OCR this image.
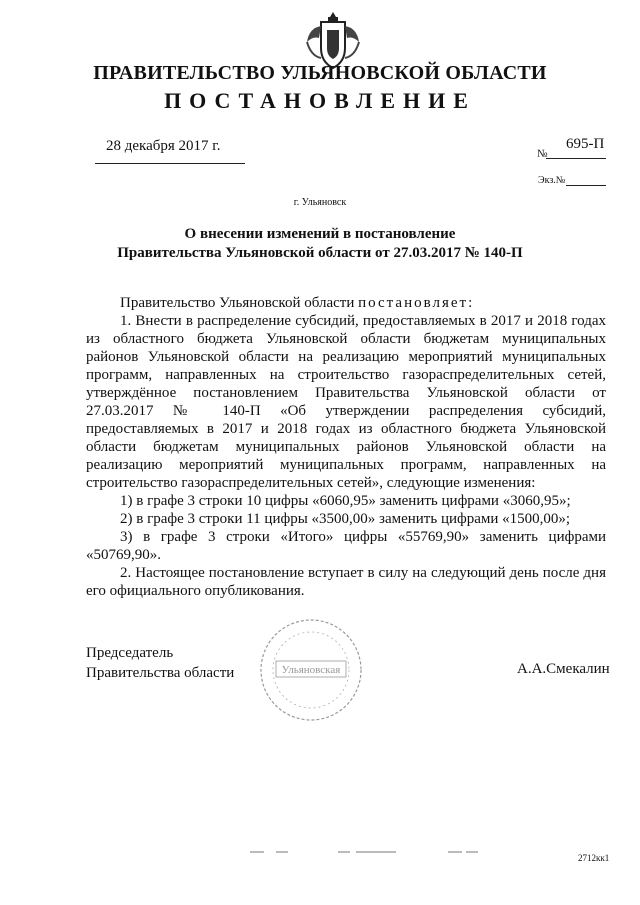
ПРАВИТЕЛЬСТВО УЛЬЯНОВСКОЙ ОБЛАСТИ
ПОСТАНОВЛЕНИЕ
28 декабря 2017 г.	№
695-П
Экз.№
г. Ульяновск
О внесении изменений в постановление
Правительства Ульяновской области от 27.03.2017 № 140-П

Правительство Ульяновской области постановляет:

1. Внести в распределение субсидий, предоставляемых в 2017 и 2018 годах из областного бюджета Ульяновской области бюджетам муниципальных районов Ульяновской области на реализацию мероприятий муниципальных программ, направленных на строительство газораспределительных сетей, утверждённое постановлением Правительства Ульяновской области от 27.03.2017 № 140-П «Об утверждении распределения субсидий, предоставляемых в 2017 и 2018 годах из областного бюджета Ульяновской области бюджетам муниципальных районов Ульяновской области на реализацию мероприятий муниципальных программ, направленных на строительство газораспределительных сетей», следующие изменения:

1) в графе 3 строки 10 цифры «6060,95» заменить цифрами «3060,95»;

2) в графе 3 строки 11 цифры «3500,00» заменить цифрами «1500,00»;

3) в графе 3 строки «Итого» цифры «55769,90» заменить цифрами «50769,90».

2. Настоящее постановление вступает в силу на следующий день после дня его официального опубликования.

Председатель
Правительства области	А.А.Смекалин
Ульяновская
2712кк1
